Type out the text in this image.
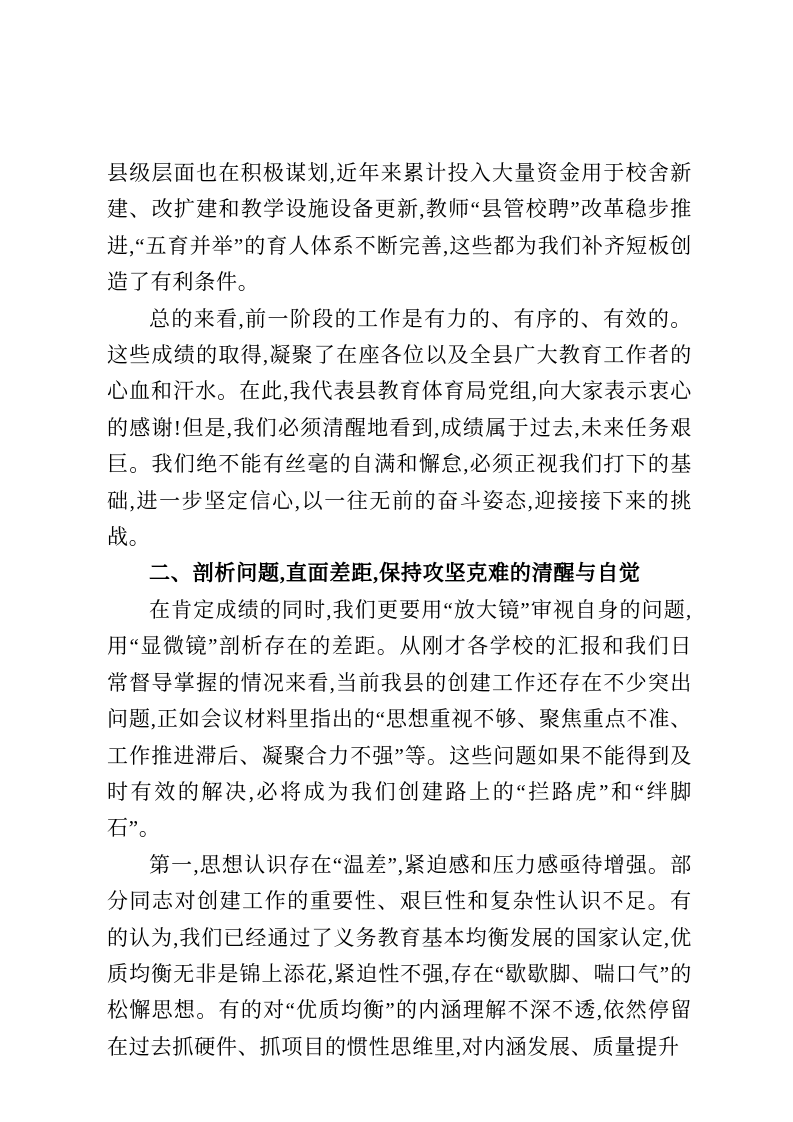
县级层面也在积极谋划,近年来累计投入大量资金用于校舍新建、改扩建和教学设施设备更新,教师“县管校聘”改革稳步推进,“五育并举”的育人体系不断完善,这些都为我们补齐短板创造了有利条件。

总的来看,前一阶段的工作是有力的、有序的、有效的。这些成绩的取得,凝聚了在座各位以及全县广大教育工作者的心血和汗水。在此,我代表县教育体育局党组,向大家表示衷心的感谢!但是,我们必须清醒地看到,成绩属于过去,未来任务艰巨。我们绝不能有丝毫的自满和懈怠,必须正视我们打下的基础,进一步坚定信心,以一往无前的奋斗姿态,迎接接下来的挑战。

二、剖析问题,直面差距,保持攻坚克难的清醒与自觉

在肯定成绩的同时,我们更要用“放大镜”审视自身的问题,用“显微镜”剖析存在的差距。从刚才各学校的汇报和我们日常督导掌握的情况来看,当前我县的创建工作还存在不少突出问题,正如会议材料里指出的“思想重视不够、聚焦重点不准、工作推进滞后、凝聚合力不强”等。这些问题如果不能得到及时有效的解决,必将成为我们创建路上的“拦路虎”和“绊脚石”。

第一,思想认识存在“温差”,紧迫感和压力感亟待增强。部分同志对创建工作的重要性、艰巨性和复杂性认识不足。有的认为,我们已经通过了义务教育基本均衡发展的国家认定,优质均衡无非是锦上添花,紧迫性不强,存在“歇歇脚、喘口气”的松懈思想。有的对“优质均衡”的内涵理解不深不透,依然停留在过去抓硬件、抓项目的惯性思维里,对内涵发展、质量提升
